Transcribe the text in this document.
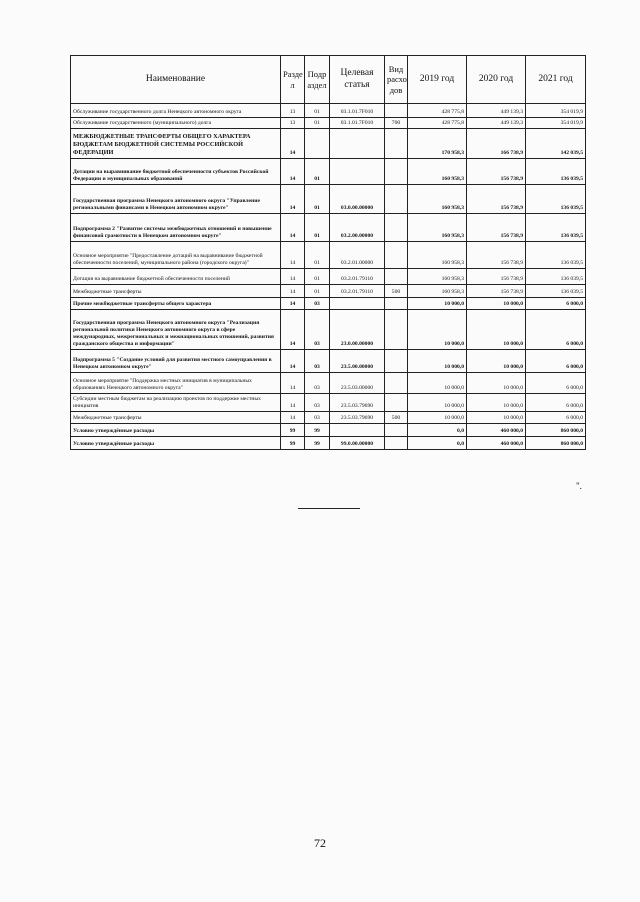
Наименование	Разде л	Подр аздел	Целевая статья	Вид расхо дов	2019 год	2020 год	2021 год
Обслуживание государственного долга Ненецкого автономного округа	13	01	03.1.01.7F010		428 775,8	449 139,3	354 019,9
Обслуживание государственного (муниципального) долга	13	01	03.1.01.7F010	700	428 775,8	449 139,3	354 019,9
МЕЖБЮДЖЕТНЫЕ ТРАНСФЕРТЫ ОБЩЕГО ХАРАКТЕРА БЮДЖЕТАМ БЮДЖЕТНОЙ СИСТЕМЫ РОССИЙСКОЙ ФЕДЕРАЦИИ	14				170 958,3	166 738,9	142 039,5
Дотации на выравнивание бюджетной обеспеченности субъектов Российской Федерации и муниципальных образований	14	01			160 958,3	156 738,9	136 039,5
Государственная программа Ненецкого автономного округа "Управление региональными финансами в Ненецком автономном округе"	14	01	03.0.00.00000		160 958,3	156 738,9	136 039,5
Подпрограмма 2 "Развитие системы межбюджетных отношений и повышение финансовой грамотности в Ненецком автономном округе"	14	01	03.2.00.00000		160 958,3	156 738,9	136 039,5
Основное мероприятие "Предоставление дотаций на выравнивание бюджетной обеспеченности поселений, муниципального района (городского округа)"	14	01	03.2.01.00000		160 958,3	156 738,9	136 039,5
Дотация на выравнивание бюджетной обеспеченности поселений	14	01	03.2.01.79110		160 958,3	156 738,9	136 039,5
Межбюджетные трансферты	14	01	03.2.01.79110	500	160 958,3	156 738,9	136 039,5
Прочие межбюджетные трансферты общего характера	14	03			10 000,0	10 000,0	6 000,0
Государственная программа Ненецкого автономного округа "Реализация региональной политики Ненецкого автономного округа в сфере международных, межрегиональных и межнациональных отношений, развития гражданского общества и информации"	14	03	23.0.00.00000		10 000,0	10 000,0	6 000,0
Подпрограмма 5 "Создание условий для развития местного самоуправления в Ненецком автономном округе"	14	03	23.5.00.00000		10 000,0	10 000,0	6 000,0
Основное мероприятие "Поддержка местных инициатив в муниципальных образованиях Ненецкого автономного округа"	14	03	23.5.03.00000		10 000,0	10 000,0	6 000,0
Субсидии местным бюджетам на реализацию проектов по поддержке местных инициатив	14	03	23.5.03.79690		10 000,0	10 000,0	6 000,0
Межбюджетные трансферты	14	03	23.5.03.79690	500	10 000,0	10 000,0	6 000,0
Условно утверждённые расходы	99	99			0,0	460 000,0	860 000,0
Условно утверждённые расходы	99	99	99.0.00.00000		0,0	460 000,0	860 000,0
".
72
